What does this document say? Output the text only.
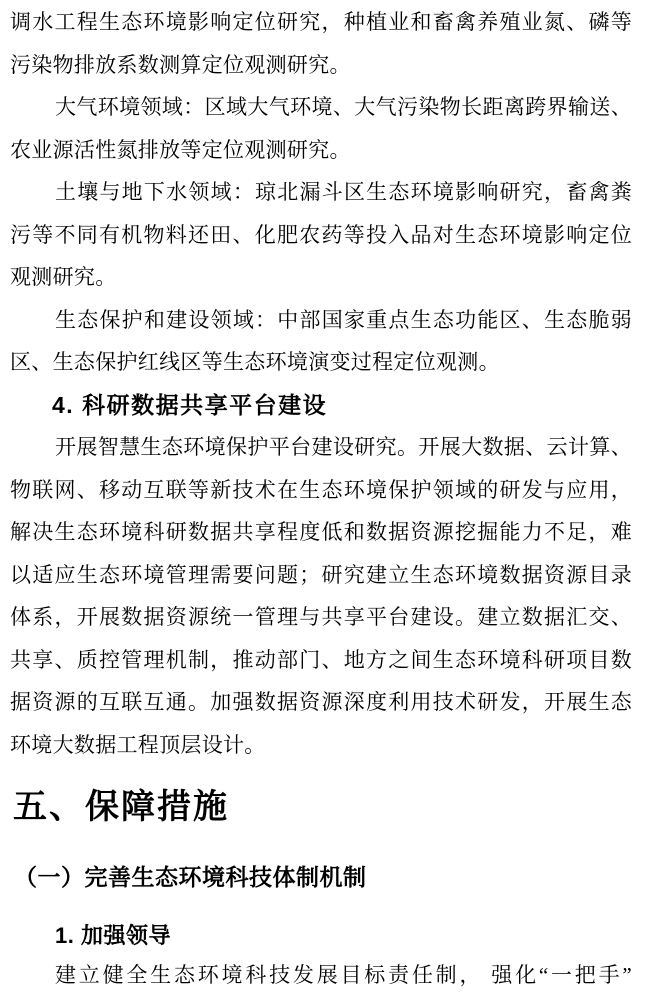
调水工程生态环境影响定位研究，种植业和畜禽养殖业氮、磷等
污染物排放系数测算定位观测研究。
大气环境领域：区域大气环境、大气污染物长距离跨界输送、
农业源活性氮排放等定位观测研究。
土壤与地下水领域：琼北漏斗区生态环境影响研究，畜禽粪
污等不同有机物料还田、化肥农药等投入品对生态环境影响定位
观测研究。
生态保护和建设领域：中部国家重点生态功能区、生态脆弱
区、生态保护红线区等生态环境演变过程定位观测。
4. 科研数据共享平台建设
开展智慧生态环境保护平台建设研究。开展大数据、云计算、
物联网、移动互联等新技术在生态环境保护领域的研发与应用，
解决生态环境科研数据共享程度低和数据资源挖掘能力不足，难
以适应生态环境管理需要问题；研究建立生态环境数据资源目录
体系，开展数据资源统一管理与共享平台建设。建立数据汇交、
共享、质控管理机制，推动部门、地方之间生态环境科研项目数
据资源的互联互通。加强数据资源深度利用技术研发，开展生态
环境大数据工程顶层设计。
五、保障措施
（一）完善生态环境科技体制机制
1. 加强领导
建立健全生态环境科技发展目标责任制， 强化“一把手”
